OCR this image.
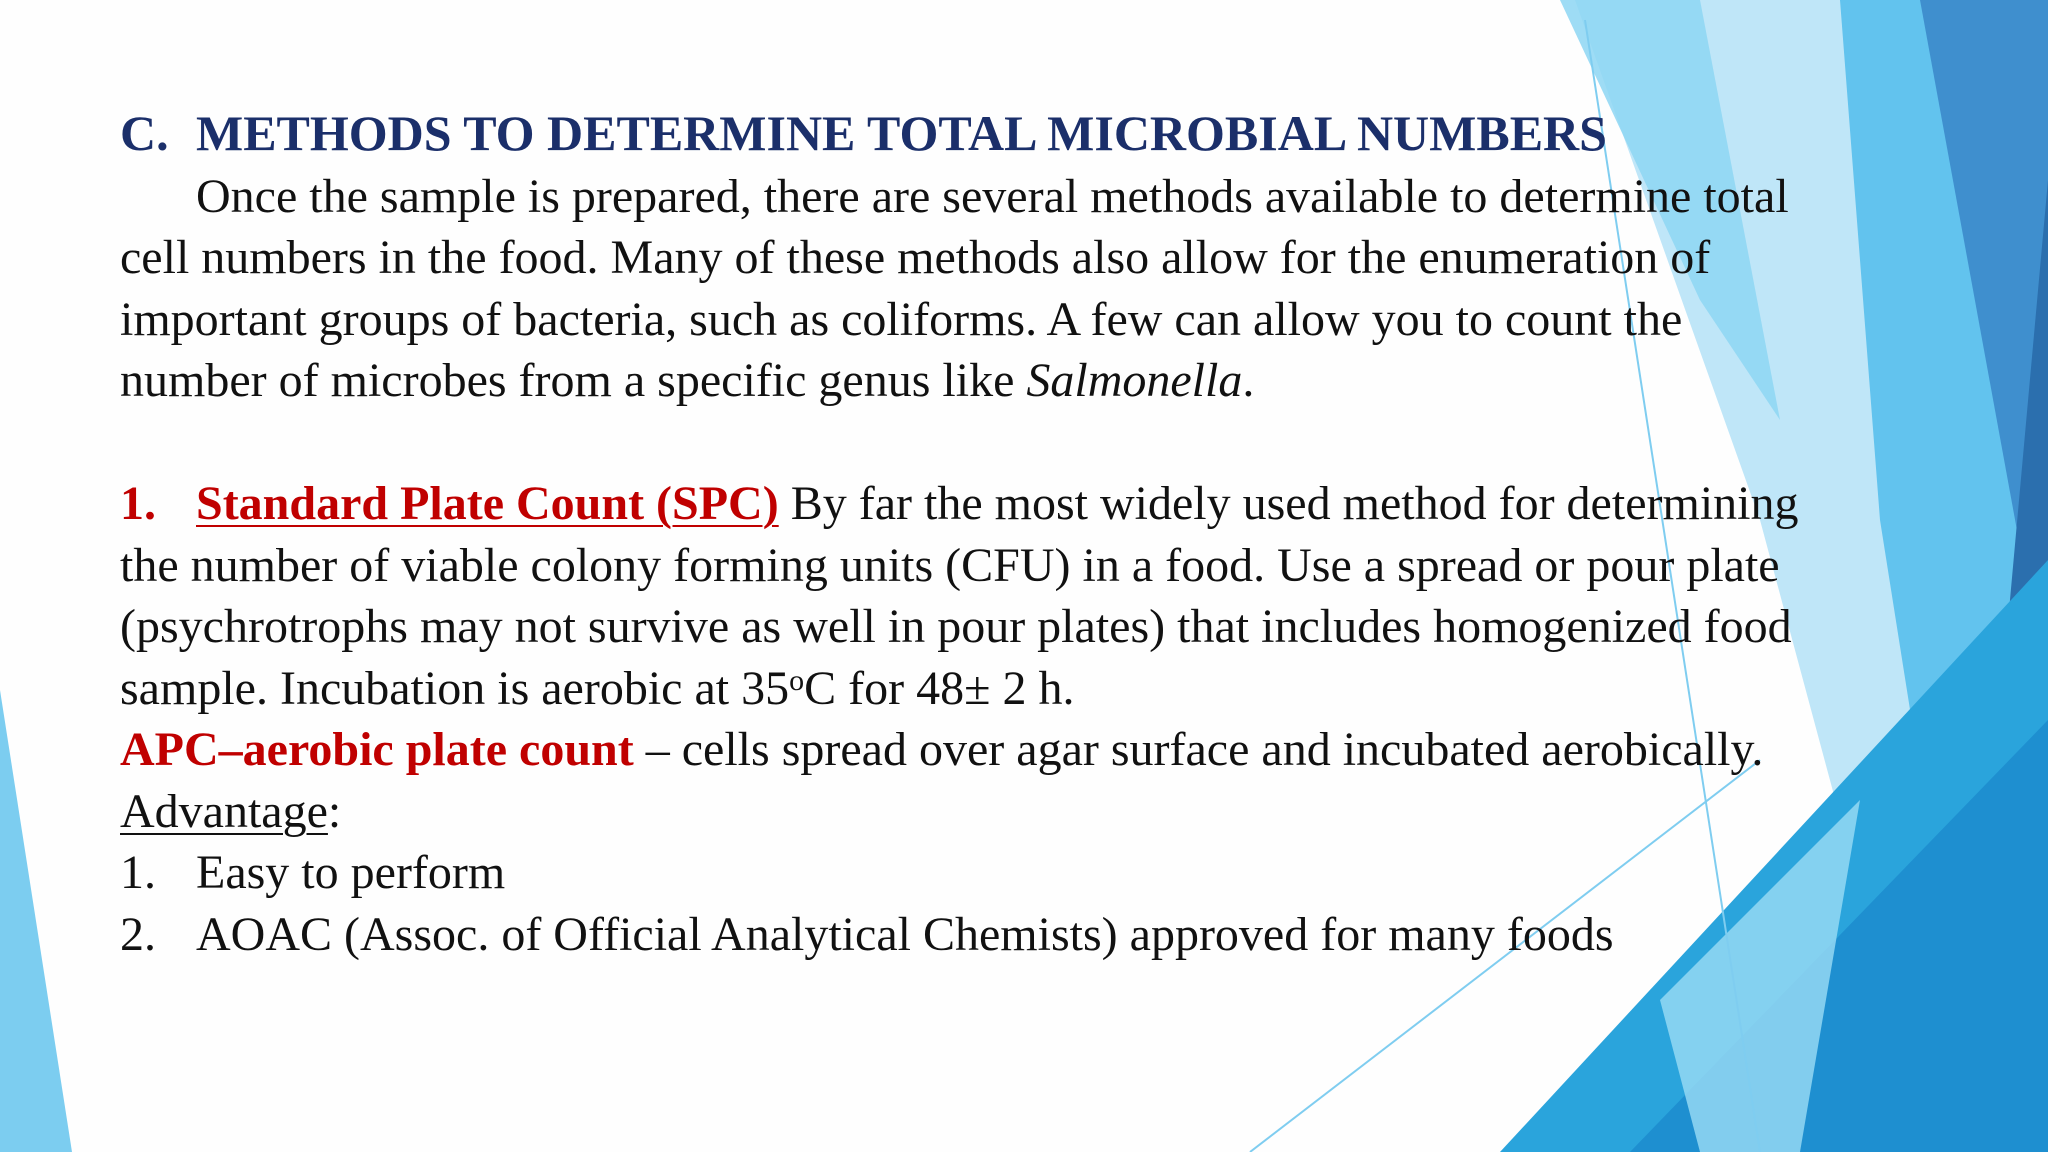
C. METHODS TO DETERMINE TOTAL MICROBIAL NUMBERS

Once the sample is prepared, there are several methods available to determine total

cell numbers in the food. Many of these methods also allow for the enumeration of

important groups of bacteria, such as coliforms. A few can allow you to count the

number of microbes from a specific genus like Salmonella.

1. Standard Plate Count (SPC) By far the most widely used method for determining

the number of viable colony forming units (CFU) in a food. Use a spread or pour plate

(psychrotrophs may not survive as well in pour plates) that includes homogenized food

sample. Incubation is aerobic at 35$^o$C for 48± 2 h.

APC–aerobic plate count – cells spread over agar surface and incubated aerobically.

Advantage:

1. Easy to perform

2. AOAC (Assoc. of Official Analytical Chemists) approved for many foods
